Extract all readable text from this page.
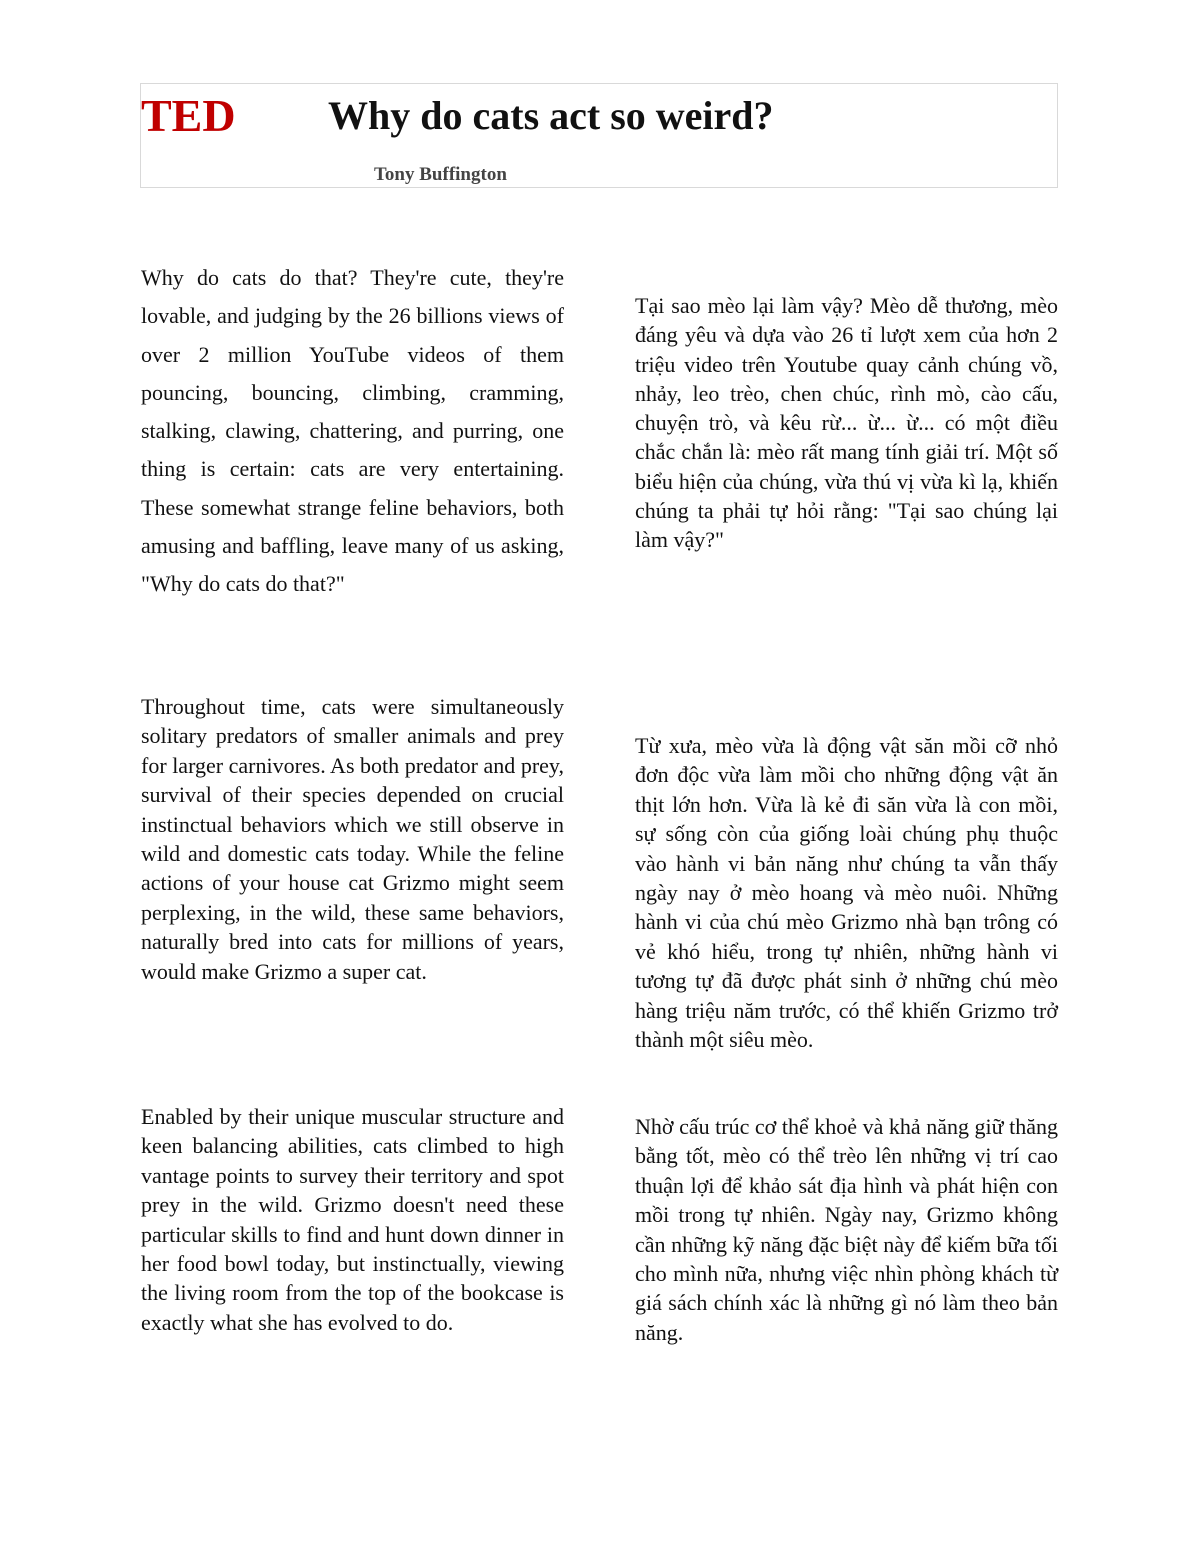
TED Why do cats act so weird?
Tony Buffington

Why do cats do that? They're cute, they're lovable, and judging by the 26 billions views of over 2 million YouTube videos of them pouncing, bouncing, climbing, cramming, stalking, clawing, chattering, and purring, one thing is certain: cats are very entertaining. These somewhat strange feline behaviors, both amusing and baffling, leave many of us asking, "Why do cats do that?"

Tại sao mèo lại làm vậy? Mèo dễ thương, mèo đáng yêu và dựa vào 26 tỉ lượt xem của hơn 2 triệu video trên Youtube quay cảnh chúng vồ, nhảy, leo trèo, chen chúc, rình mò, cào cấu, chuyện trò, và kêu rừ... ừ... ừ... có một điều chắc chắn là: mèo rất mang tính giải trí. Một số biểu hiện của chúng, vừa thú vị vừa kì lạ, khiến chúng ta phải tự hỏi rằng: "Tại sao chúng lại làm vậy?"

Throughout time, cats were simultaneously solitary predators of smaller animals and prey for larger carnivores. As both predator and prey, survival of their species depended on crucial instinctual behaviors which we still observe in wild and domestic cats today. While the feline actions of your house cat Grizmo might seem perplexing, in the wild, these same behaviors, naturally bred into cats for millions of years, would make Grizmo a super cat.

Từ xưa, mèo vừa là động vật săn mồi cỡ nhỏ đơn độc vừa làm mồi cho những động vật ăn thịt lớn hơn. Vừa là kẻ đi săn vừa là con mồi, sự sống còn của giống loài chúng phụ thuộc vào hành vi bản năng như chúng ta vẫn thấy ngày nay ở mèo hoang và mèo nuôi. Những hành vi của chú mèo Grizmo nhà bạn trông có vẻ khó hiểu, trong tự nhiên, những hành vi tương tự đã được phát sinh ở những chú mèo hàng triệu năm trước, có thể khiến Grizmo trở thành một siêu mèo.

Enabled by their unique muscular structure and keen balancing abilities, cats climbed to high vantage points to survey their territory and spot prey in the wild. Grizmo doesn't need these particular skills to find and hunt down dinner in her food bowl today, but instinctually, viewing the living room from the top of the bookcase is exactly what she has evolved to do.

Nhờ cấu trúc cơ thể khoẻ và khả năng giữ thăng bằng tốt, mèo có thể trèo lên những vị trí cao thuận lợi để khảo sát địa hình và phát hiện con mồi trong tự nhiên. Ngày nay, Grizmo không cần những kỹ năng đặc biệt này để kiếm bữa tối cho mình nữa, nhưng việc nhìn phòng khách từ giá sách chính xác là những gì nó làm theo bản năng.
